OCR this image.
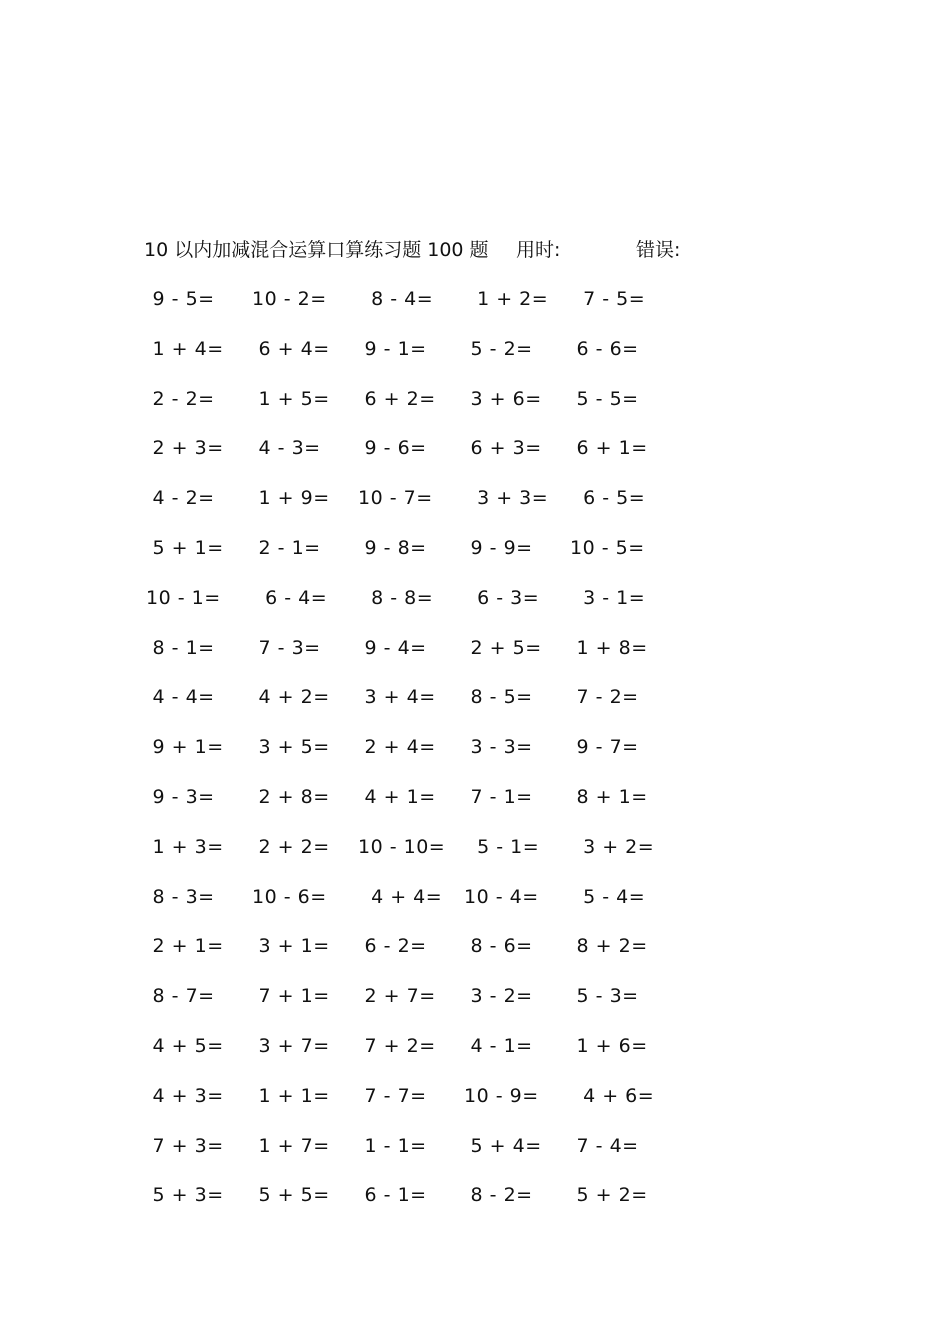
10 以内加减混合运算口算练习题 100 题 用时:	错误:
9 - 5=	10 - 2=	8 - 4=	1 + 2=	7 - 5=
1 + 4=	6 + 4=	9 - 1=	5 - 2=	6 - 6=
2 - 2=	1 + 5=	6 + 2=	3 + 6=	5 - 5=
2 + 3=	4 - 3=	9 - 6=	6 + 3=	6 + 1=
4 - 2=	1 + 9=	10 - 7=	3 + 3=	6 - 5=
5 + 1=	2 - 1=	9 - 8=	9 - 9=	10 - 5=
10 - 1=	6 - 4=	8 - 8=	6 - 3=	3 - 1=
8 - 1=	7 - 3=	9 - 4=	2 + 5=	1 + 8=
4 - 4=	4 + 2=	3 + 4=	8 - 5=	7 - 2=
9 + 1=	3 + 5=	2 + 4=	3 - 3=	9 - 7=
9 - 3=	2 + 8=	4 + 1=	7 - 1=	8 + 1=
1 + 3=	2 + 2=	10 - 10= 5 - 1=	3 + 2=
8 - 3=	10 - 6=	4 + 4=	10 - 4=	5 - 4=
2 + 1=	3 + 1=	6 - 2=	8 - 6=	8 + 2=
8 - 7=	7 + 1=	2 + 7=	3 - 2=	5 - 3=
4 + 5=	3 + 7=	7 + 2=	4 - 1=	1 + 6=
4 + 3=	1 + 1=	7 - 7=	10 - 9=	4 + 6=
7 + 3=	1 + 7=	1 - 1=	5 + 4=	7 - 4=
5 + 3=	5 + 5=	6 - 1=	8 - 2=	5 + 2=
